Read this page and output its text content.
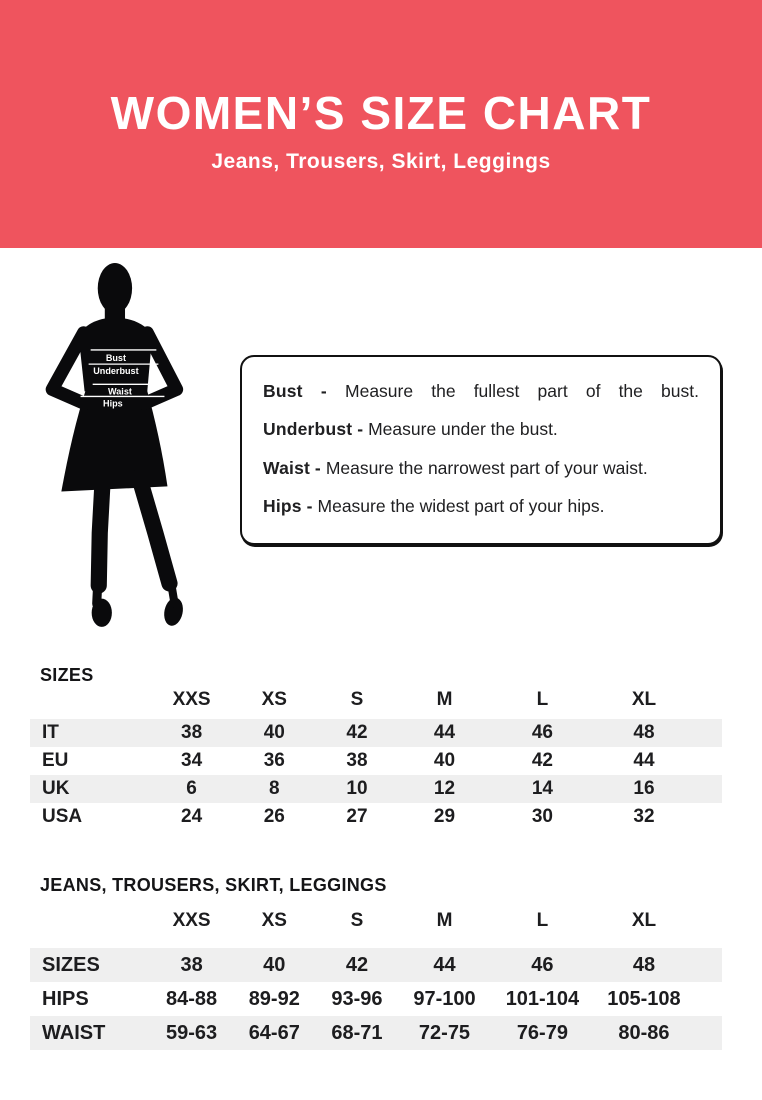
WOMEN’S SIZE CHART

Jeans, Trousers, Skirt, Leggings

Bust
Underbust
Waist
Hips

Bust - Measure the fullest part of the bust.

Underbust - Measure under the bust.

Waist - Measure the narrowest part of your waist.

Hips - Measure the widest part of your hips.

SIZES
	XXS	XS	S	M	L	XL
IT	38	40	42	44	46	48
EU	34	36	38	40	42	44
UK	6	8	10	12	14	16
USA	24	26	27	29	30	32
JEANS, TROUSERS, SKIRT, LEGGINGS
	XXS	XS	S	M	L	XL
SIZES	38	40	42	44	46	48
HIPS	84-88	89-92	93-96	97-100	101-104	105-108
WAIST	59-63	64-67	68-71	72-75	76-79	80-86
